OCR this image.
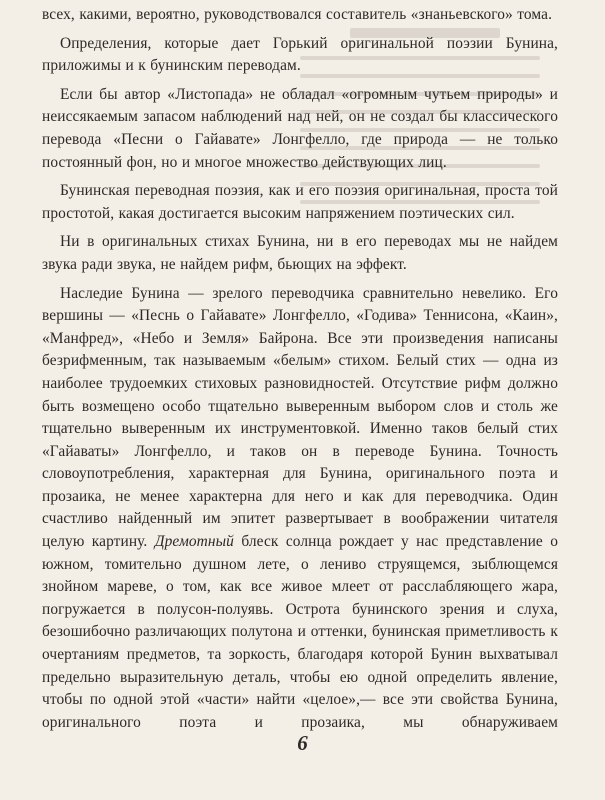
всех, какими, вероятно, руководствовался составитель «знаньевского» тома.

Определения, которые дает Горький оригинальной поэзии Бунина, приложимы и к бунинским переводам.

Если бы автор «Листопада» не обладал «огромным чутьем природы» и неиссякаемым запасом наблюдений над ней, он не создал бы классического перевода «Песни о Гайавате» Лонгфелло, где природа — не только постоянный фон, но и многое множество действующих лиц.

Бунинская переводная поэзия, как и его поэзия оригинальная, проста той простотой, какая достигается высоким напряжением поэтических сил.

Ни в оригинальных стихах Бунина, ни в его переводах мы не найдем звука ради звука, не найдем рифм, бьющих на эффект.

Наследие Бунина — зрелого переводчика сравнительно невелико. Его вершины — «Песнь о Гайавате» Лонгфелло, «Годива» Теннисона, «Каин», «Манфред», «Небо и Земля» Байрона. Все эти произведения написаны безрифменным, так называемым «белым» стихом. Белый стих — одна из наиболее трудоемких стиховых разновидностей. Отсутствие рифм должно быть возмещено особо тщательно выверенным выбором слов и столь же тщательно выверенным их инструментовкой. Именно таков белый стих «Гайаваты» Лонгфелло, и таков он в переводе Бунина. Точность словоупотребления, характерная для Бунина, оригинального поэта и прозаика, не менее характерна для него и как для переводчика. Один счастливо найденный им эпитет развертывает в воображении читателя целую картину. Дремотный блеск солнца рождает у нас представление о южном, томительно душном лете, о лениво струящемся, зыблющемся знойном мареве, о том, как все живое млеет от расслабляющего жара, погружается в полусон-полуявь. Острота бунинского зрения и слуха, безошибочно различающих полутона и оттенки, бунинская приметливость к очертаниям предметов, та зоркость, благодаря которой Бунин выхватывал предельно выразительную деталь, чтобы ею одной определить явление, чтобы по одной этой «части» найти «целое»,— все эти свойства Бунина, оригинального поэта и прозаика, мы обнаруживаем

6
